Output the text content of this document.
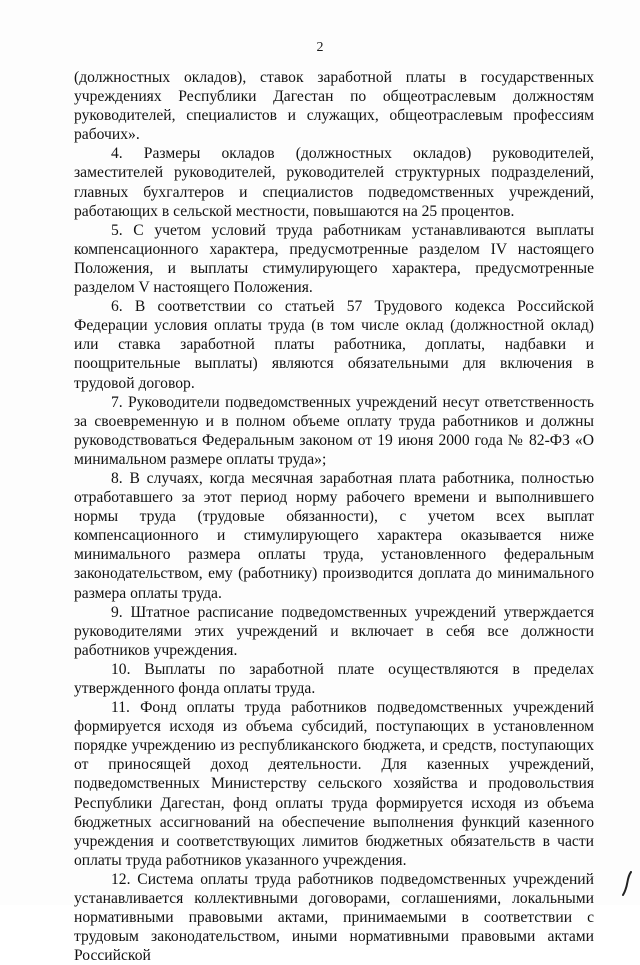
2

(должностных окладов), ставок заработной платы в государственных учреждениях Республики Дагестан по общеотраслевым должностям руководителей, специалистов и служащих, общеотраслевым профессиям рабочих».

4. Размеры окладов (должностных окладов) руководителей, заместителей руководителей, руководителей структурных подразделений, главных бухгалтеров и специалистов подведомственных учреждений, работающих в сельской местности, повышаются на 25 процентов.

5. С учетом условий труда работникам устанавливаются выплаты компенсационного характера, предусмотренные разделом IV настоящего Положения, и выплаты стимулирующего характера, предусмотренные разделом V настоящего Положения.

6. В соответствии со статьей 57 Трудового кодекса Российской Федерации условия оплаты труда (в том числе оклад (должностной оклад) или ставка заработной платы работника, доплаты, надбавки и поощрительные выплаты) являются обязательными для включения в трудовой договор.

7. Руководители подведомственных учреждений несут ответственность за своевременную и в полном объеме оплату труда работников и должны руководствоваться Федеральным законом от 19 июня 2000 года № 82-ФЗ «О минимальном размере оплаты труда»;

8. В случаях, когда месячная заработная плата работника, полностью отработавшего за этот период норму рабочего времени и выполнившего нормы труда (трудовые обязанности), с учетом всех выплат компенсационного и стимулирующего характера оказывается ниже минимального размера оплаты труда, установленного федеральным законодательством, ему (работнику) производится доплата до минимального размера оплаты труда.

9. Штатное расписание подведомственных учреждений утверждается руководителями этих учреждений и включает в себя все должности работников учреждения.

10. Выплаты по заработной плате осуществляются в пределах утвержденного фонда оплаты труда.

11. Фонд оплаты труда работников подведомственных учреждений формируется исходя из объема субсидий, поступающих в установленном порядке учреждению из республиканского бюджета, и средств, поступающих от приносящей доход деятельности. Для казенных учреждений, подведомственных Министерству сельского хозяйства и продовольствия Республики Дагестан, фонд оплаты труда формируется исходя из объема бюджетных ассигнований на обеспечение выполнения функций казенного учреждения и соответствующих лимитов бюджетных обязательств в части оплаты труда работников указанного учреждения.

12. Система оплаты труда работников подведомственных учреждений устанавливается коллективными договорами, соглашениями, локальными нормативными правовыми актами, принимаемыми в соответствии с трудовым законодательством, иными нормативными правовыми актами Российской
